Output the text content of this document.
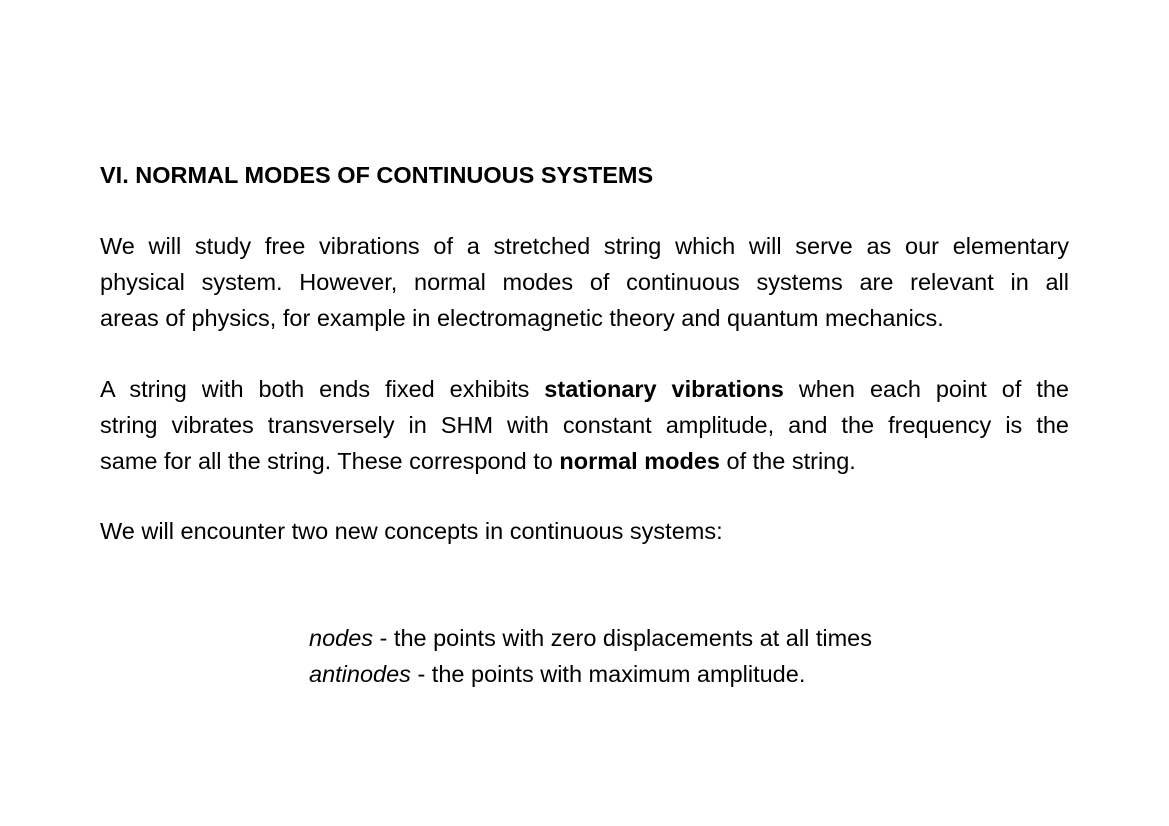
VI. NORMAL MODES OF CONTINUOUS SYSTEMS
We will study free vibrations of a stretched string which will serve as our elementary
physical system. However, normal modes of continuous systems are relevant in all
areas of physics, for example in electromagnetic theory and quantum mechanics.
A string with both ends fixed exhibits stationary vibrations when each point of the
string vibrates transversely in SHM with constant amplitude, and the frequency is the
same for all the string. These correspond to normal modes of the string.
We will encounter two new concepts in continuous systems:
nodes - the points with zero displacements at all times
antinodes - the points with maximum amplitude.
